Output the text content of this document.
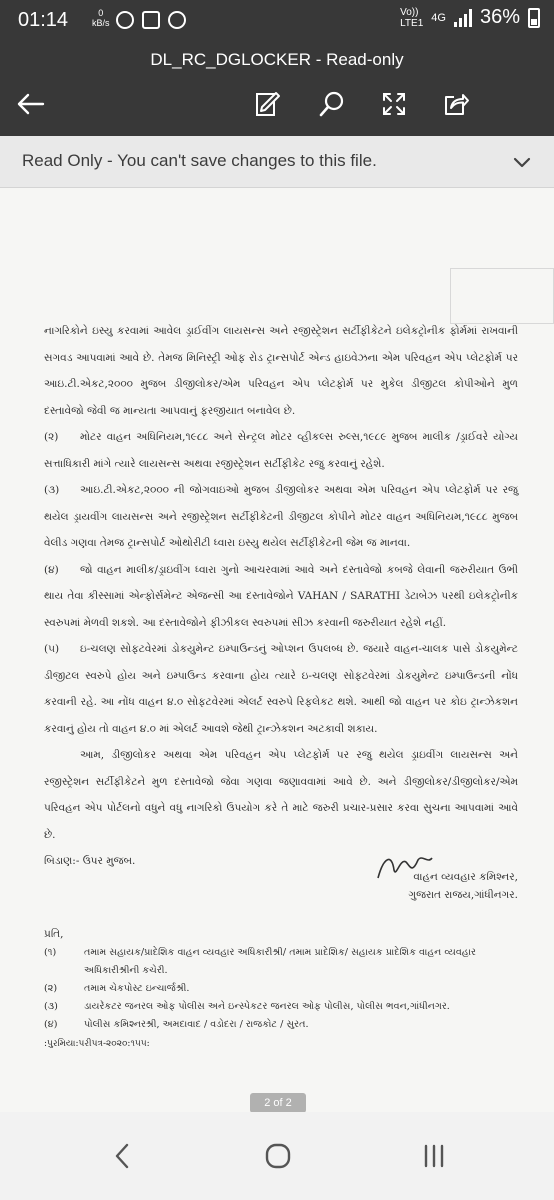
01:14	0
kB/s
Vo))
LTE1 4G 36%
DL_RC_DGLOCKER - Read-only
Read Only - You can't save changes to this file.

નાગરિકોને ઇસ્યુ કરવામાં આવેલ ડ્રાઈવીંગ લાયસન્સ અને રજીસ્ટ્રેશન સર્ટીફીકેટને ઇલેકટ્રોનીક ફોર્મમાં રાખવાની સગવડ આપવામાં આવે છે. તેમજ મિનિસ્ટ્રી ઓફ રોડ ટ્રાન્સપોર્ટ એન્ડ હાઇવેઝના એમ પરિવહન એપ પ્લેટફોર્મ પર આઇ.ટી.એકટ,૨૦૦૦ મુજબ ડીજીલોકર/એમ પરિવહન એપ પ્લેટફોર્મ પર મુકેલ ડીજીટલ કોપીઓને મુળ દસ્તાવેજો જેવી જ માન્યતા આપવાનું ફરજીયાત બનાવેલ છે.

(૨) મોટર વાહન અધિનિયમ,૧૯૮૮ અને સેન્ટ્રલ મોટર વ્હીકલ્સ રુલ્સ,૧૯૮૯ મુજબ માલીક /ડ્રાઈવરે યોગ્ય સત્તાધિકારી માંગે ત્યારે લાયસન્સ અથવા રજીસ્ટ્રેશન સર્ટીફીકેટ રજુ કરવાનું રહેશે.

(૩) આઇ.ટી.એકટ,૨૦૦૦ ની જોગવાઇઓ મુજબ ડીજીલોકર અથવા એમ પરિવહન એપ પ્લેટફોર્મ પર રજુ થયેલ ડ્રાયવીંગ લાયસન્સ અને રજીસ્ટ્રેશન સર્ટીફીકેટની ડીજીટલ કોપીને મોટર વાહન અધિનિયમ,૧૯૮૮ મુજબ વેલીડ ગણવા તેમજ ટ્રાન્સપોર્ટ ઓથોરીટી ધ્વારા ઇસ્યુ થયેલ સર્ટીફીકેટની જેમ જ માનવા.

(૪) જો વાહન માલીક/ડ્રાઇવીંગ ધ્વારા ગુનો આચરવામાં આવે અને દસ્તાવેજો કબજે લેવાની જરુરીયાત ઉભી થાય તેવા કીસ્સામાં એન્ફોર્સમેન્ટ એજન્સી આ દસ્તાવેજોને VAHAN / SARATHI ડેટાબેઝ પરથી ઇલેકટ્રોનીક સ્વરુપમાં મેળવી શકશે. આ દસ્તાવેજોને ફીઝીકલ સ્વરુપમાં સીઝ કરવાની જરુરીયાત રહેશે નહીં.

(૫) ઇ-ચલણ સોફટવેરમાં ડોકયુમેન્ટ ઇમ્પાઉન્ડનું ઓપ્શન ઉપલબ્ધ છે. જયારે વાહન-ચાલક પાસે ડોકયુમેન્ટ ડીજીટલ સ્વરુપે હોય અને ઇમ્પાઉન્ડ કરવાના હોય ત્યારે ઇ-ચલણ સોફટવેરમાં ડોકયુમેન્ટ ઇમ્પાઉન્ડની નોંધ કરવાની રહે. આ નોંધ વાહન ૪.૦ સોફટવેરમાં એલર્ટ સ્વરુપે રિફલેકટ થશે. આથી જો વાહન પર કોઇ ટ્રાન્ઝેકશન કરવાનું હોય તો વાહન ૪.૦ માં એલર્ટ આવશે જેથી ટ્રાન્ઝેકશન અટકાવી શકાય.

આમ, ડીજીલોકર અથવા એમ પરિવહન એપ પ્લેટફોર્મ પર રજુ થયેલ ડ્રાઇવીંગ લાયસન્સ અને રજીસ્ટ્રેશન સર્ટીફીકેટને મુળ દસ્તાવેજો જેવા ગણવા જણાવવામાં આવે છે. અને ડીજીલોકર/ડીજીલોકર/એમ પરિવહન એપ પોર્ટલનો વધુને વધુ નાગરિકો ઉપયોગ કરે તે માટે જરુરી પ્રચાર-પ્રસાર કરવા સુચના આપવામાં આવે છે.

બિડાણ:- ઉપર મુજબ.
વાહન વ્યવહાર કમિશ્નર,
ગુજરાત રાજય,ગાંધીનગર.
પ્રતિ,
(૧)	તમામ સહાયક/પ્રાદેશિક વાહન વ્યવહાર અધિકારીશ્રી/ તમામ પ્રાદેશિક/ સહાયક પ્રાદેશિક વાહન વ્યવહાર અધિકારીશ્રીની કચેરી.
(૨)	તમામ ચેકપોસ્ટ ઇન્ચાર્જશ્રી.
(૩)	ડાયરેકટર જનરલ ઓફ પોલીસ અને ઇન્સ્પેકટર જનરલ ઓફ પોલીસ, પોલીસ ભવન,ગાંધીનગર.
(૪)	પોલીસ કમિશ્નરશ્રી, અમદાવાદ / વડોદરા / રાજકોટ / સુરત.
:પુરમિયા:પરીપત્ર-૨૦૨૦:૧૫૫:
2 of 2
